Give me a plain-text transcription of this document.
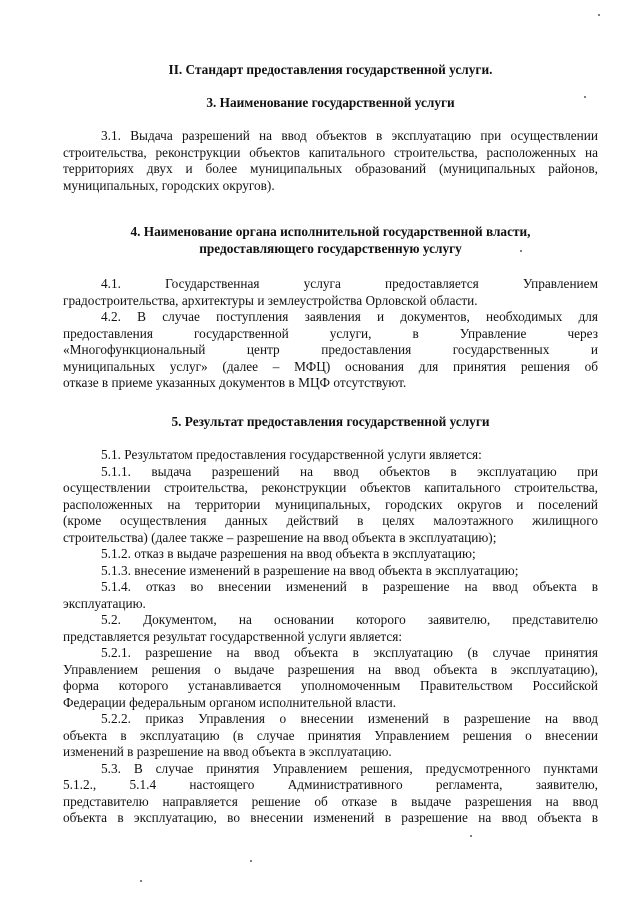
II. Стандарт предоставления государственной услуги.
3. Наименование государственной услуги

3.1. Выдача разрешений на ввод объектов в эксплуатацию при осуществлении строительства, реконструкции объектов капитального строительства, расположенных на территориях двух и более муниципальных образований (муниципальных районов, муниципальных, городских округов).

4. Наименование органа исполнительной государственной власти,
предоставляющего государственную услугу
4.1. Государственная услуга предоставляется Управлением
градостроительства, архитектуры и землеустройства Орловской области.
4.2. В случае поступления заявления и документов, необходимых для
предоставления государственной услуги, в Управление через
«Многофункциональный центр предоставления государственных и
муниципальных услуг» (далее – МФЦ) основания для принятия решения об
отказе в приеме указанных документов в МЦФ отсутствуют.
5. Результат предоставления государственной услуги
5.1. Результатом предоставления государственной услуги является:
5.1.1. выдача разрешений на ввод объектов в эксплуатацию при
осуществлении строительства, реконструкции объектов капитального строительства,
расположенных на территории муниципальных, городских округов и поселений
(кроме осуществления данных действий в целях малоэтажного жилищного
строительства) (далее также – разрешение на ввод объекта в эксплуатацию);
5.1.2. отказ в выдаче разрешения на ввод объекта в эксплуатацию;
5.1.3. внесение изменений в разрешение на ввод объекта в эксплуатацию;
5.1.4. отказ во внесении изменений в разрешение на ввод объекта в
эксплуатацию.
5.2. Документом, на основании которого заявителю, представителю
представляется результат государственной услуги является:
5.2.1. разрешение на ввод объекта в эксплуатацию (в случае принятия
Управлением решения о выдаче разрешения на ввод объекта в эксплуатацию),
форма которого устанавливается уполномоченным Правительством Российской
Федерации федеральным органом исполнительной власти.
5.2.2. приказ Управления о внесении изменений в разрешение на ввод
объекта в эксплуатацию (в случае принятия Управлением решения о внесении
изменений в разрешение на ввод объекта в эксплуатацию.
5.3. В случае принятия Управлением решения, предусмотренного пунктами
5.1.2., 5.1.4 настоящего Административного регламента, заявителю,
представителю направляется решение об отказе в выдаче разрешения на ввод
объекта в эксплуатацию, во внесении изменений в разрешение на ввод объекта в
